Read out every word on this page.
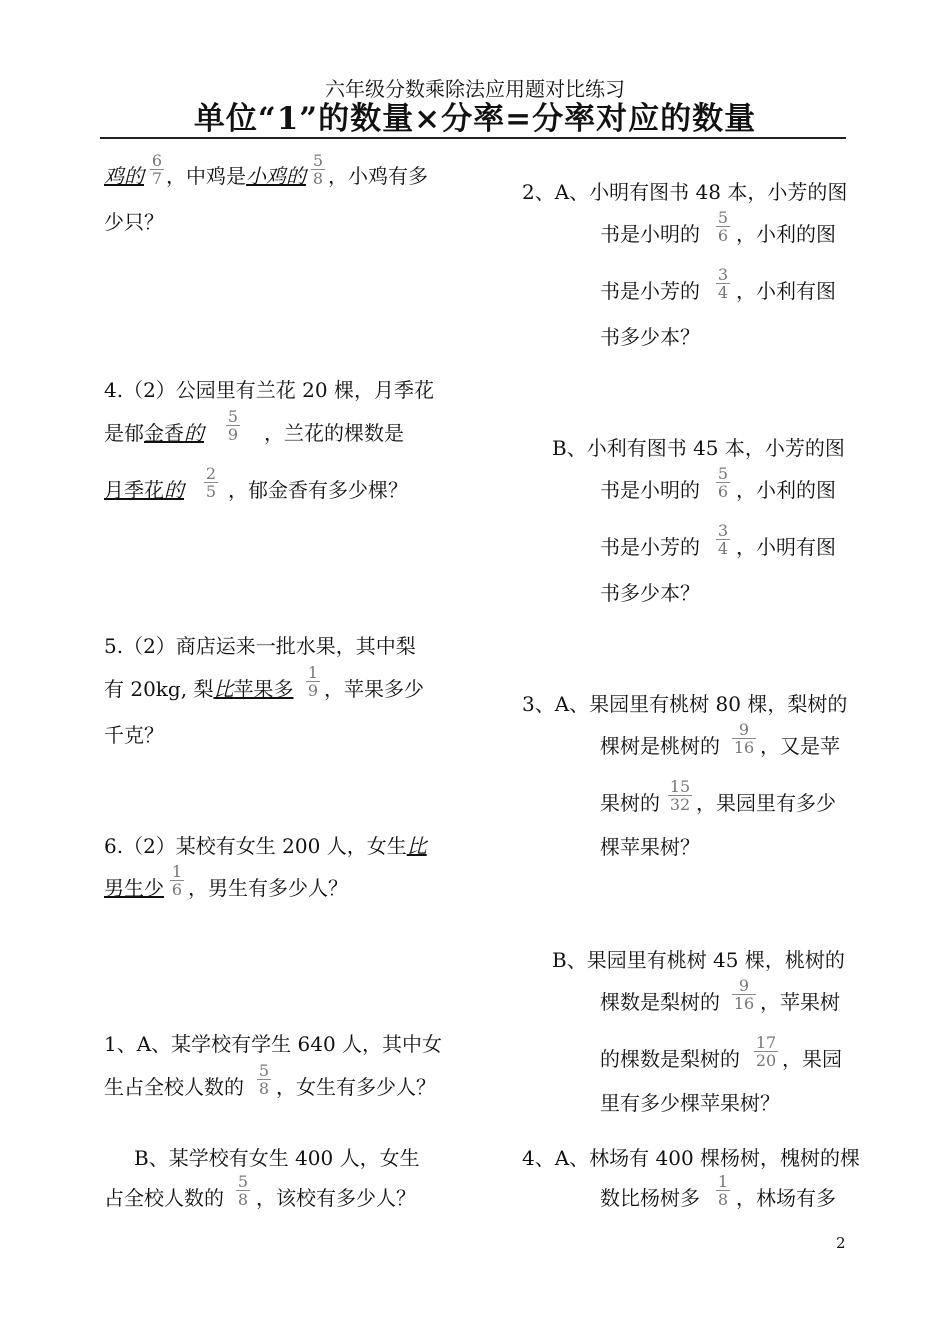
六年级分数乘除法应用题对比练习
单位“1”的数量×分率=分率对应的数量
鸡的 $\frac{6}{7}$ ，中鸡是小鸡的 $\frac{5}{8}$ ，小鸡有多
少只？
4.（2）公园里有兰花 20 棵，月季花
是郁金香的 $\frac{5}{9}$ ，兰花的棵数是
月季花的 $\frac{2}{5}$ ，郁金香有多少棵？
5.（2）商店运来一批水果，其中梨
有 20kg, 梨比苹果多 $\frac{1}{9}$ ，苹果多少
千克？
6.（2）某校有女生 200 人，女生比
男生少 $\frac{1}{6}$ ，男生有多少人？
1、A、某学校有学生 640 人，其中女
生占全校人数的 $\frac{5}{8}$ ，女生有多少人？
B、某学校有女生 400 人，女生
占全校人数的 $\frac{5}{8}$ ，该校有多少人？
2、A、小明有图书 48 本，小芳的图
书是小明的 $\frac{5}{6}$ ，小利的图
书是小芳的 $\frac{3}{4}$ ，小利有图
书多少本？
B、小利有图书 45 本，小芳的图
书是小明的 $\frac{5}{6}$ ，小利的图
书是小芳的 $\frac{3}{4}$ ，小明有图
书多少本？
3、A、果园里有桃树 80 棵，梨树的
棵树是桃树的 $\frac{9}{16}$ ，又是苹
果树的 $\frac{15}{32}$ ，果园里有多少
棵苹果树？
B、果园里有桃树 45 棵，桃树的
棵数是梨树的 $\frac{9}{16}$ ，苹果树
的棵数是梨树的 $\frac{17}{20}$ ，果园
里有多少棵苹果树？
4、A、林场有 400 棵杨树，槐树的棵
数比杨树多 $\frac{1}{8}$ ，林场有多
2
